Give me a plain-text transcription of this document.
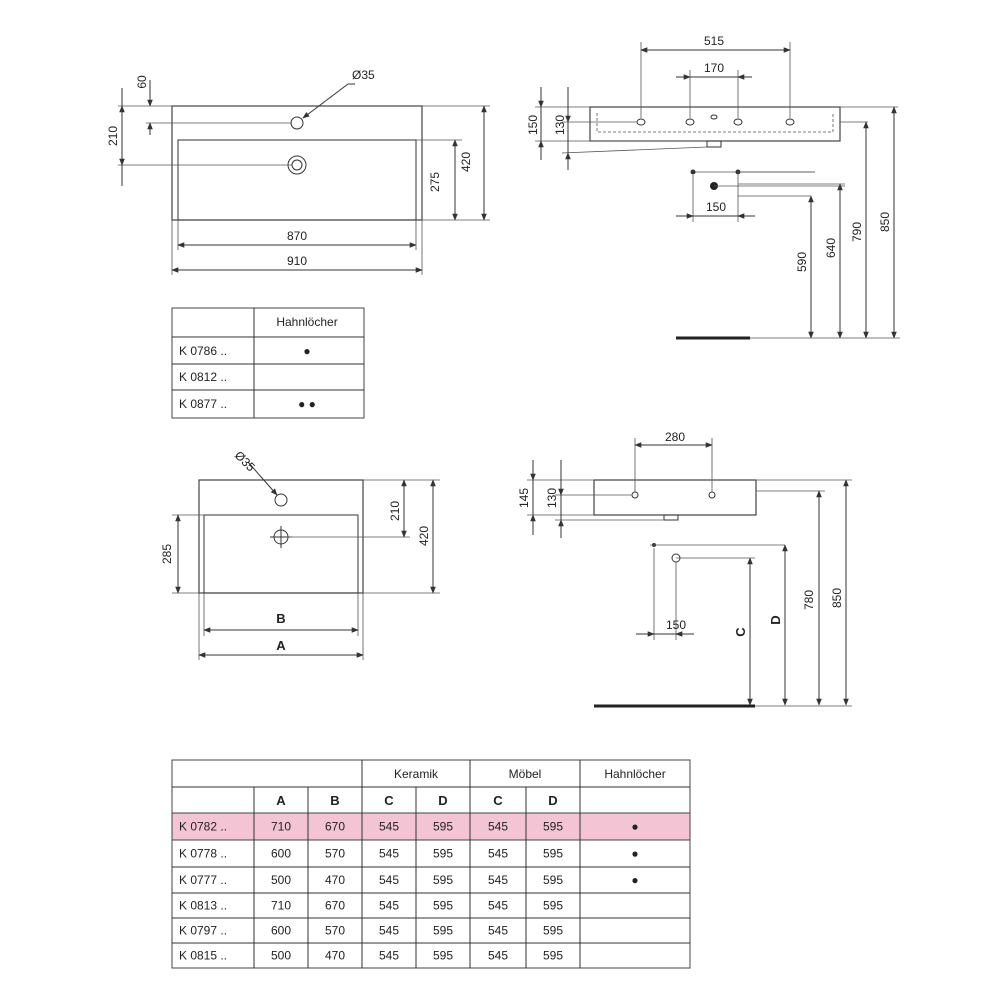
60
210
Ø35
870
910
275
420
515
170
150 130
150
590
640
790 850
Hahnlöcher
K 0786 ..	●
K 0812 ..
K 0877 ..	● ●
Ø35
210
420
285
B
A
280
145 130
150	C
D
780 850
Keramik	Möbel	Hahnlöcher
A	B	C	D	C	D
K 0782 ..	710	670	545	595	545	595	●
K 0778 ..	600	570	545	595	545	595	●
K 0777 ..	500	470	545	595	545	595	●
K 0813 ..	710	670	545	595	545	595
K 0797 ..	600	570	545	595	545	595
K 0815 ..	500	470	545	595	545	595
